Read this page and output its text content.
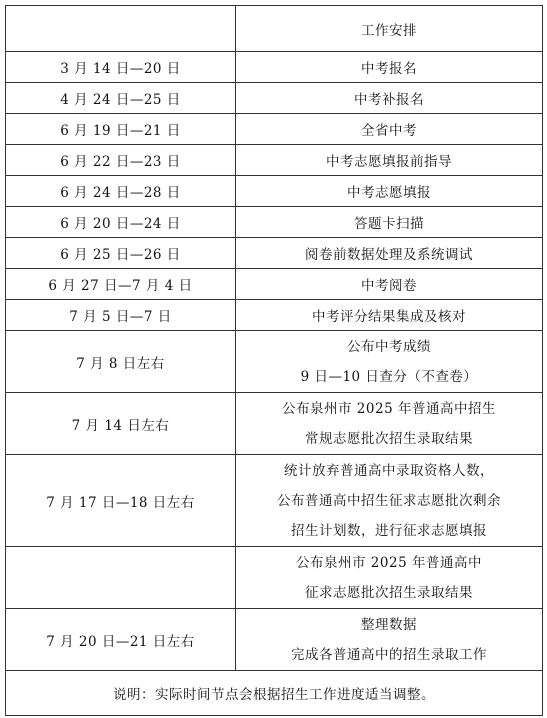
	工作安排
3 月 14 日—20 日	中考报名
4 月 24 日—25 日	中考补报名
6 月 19 日—21 日	全省中考
6 月 22 日—23 日	中考志愿填报前指导
6 月 24 日—28 日	中考志愿填报
6 月 20 日—24 日	答题卡扫描
6 月 25 日—26 日	阅卷前数据处理及系统调试
6 月 27 日—7 月 4 日	中考阅卷
7 月 5 日—7 日	中考评分结果集成及核对
7 月 8 日左右	公布中考成绩
9 日—10 日查分（不查卷）

7 月 14 日左右	公布泉州市 2025 年普通高中招生
常规志愿批次招生录取结果

7 月 17 日—18 日左右	统计放弃普通高中录取资格人数，
公布普通高中招生征求志愿批次剩余
招生计划数，进行征求志愿填报

	公布泉州市 2025 年普通高中
征求志愿批次招生录取结果

7 月 20 日—21 日左右	整理数据
完成各普通高中的招生录取工作

说明：实际时间节点会根据招生工作进度适当调整。	
